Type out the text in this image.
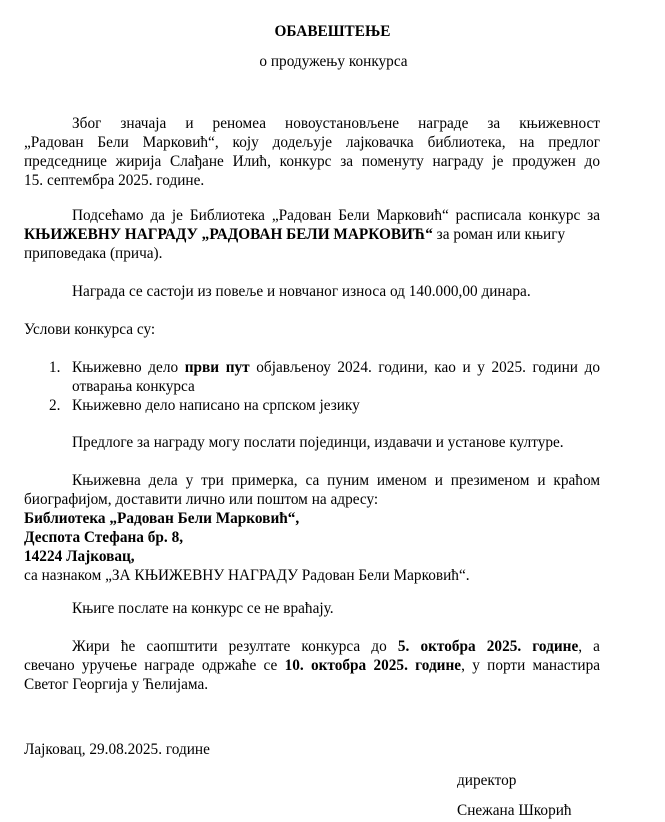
ОБАВЕШТЕЊЕ
о продужењу конкурса
Због значаја и реномеа новоустановљене награде за књижевност
„Радован Бели Марковић“, коју додељује лајковачка библиотека, на предлог
председнице жирија Слађане Илић, конкурс за поменуту награду је продужен до
15. септембра 2025. године.
Подсећамо да је Библиотека „Радован Бели Марковић“ расписала конкурс за
КЊИЖЕВНУ НАГРАДУ „РАДОВАН БЕЛИ МАРКОВИЋ“ за роман или књигу
приповедака (прича).
Награда се састоји из повеље и новчаног износа од 140.000,00 динара.
Услови конкурса су:
1. Књижевно дело први пут објављеноу 2024. години, као и у 2025. години до
отварања конкурса
2. Књижевно дело написано на српском језику
Предлоге за награду могу послати појединци, издавачи и установе културе.
Књижевна дела у три примерка, са пуним именом и презименом и краћом
биографијом, доставити лично или поштом на адресу:
Библиотека „Радован Бели Марковић“,
Деспота Стефана бр. 8,
14224 Лајковац,
са назнаком „ЗА КЊИЖЕВНУ НАГРАДУ Радован Бели Марковић“.
Књиге послате на конкурс се не враћају.
Жири ће саопштити резултате конкурса до 5. октобра 2025. године, а
свечано уручење награде одржаће се 10. октобра 2025. године, у порти манастира
Светог Георгија у Ћелијама.
Лајковац, 29.08.2025. године
директор
Снежана Шкорић
